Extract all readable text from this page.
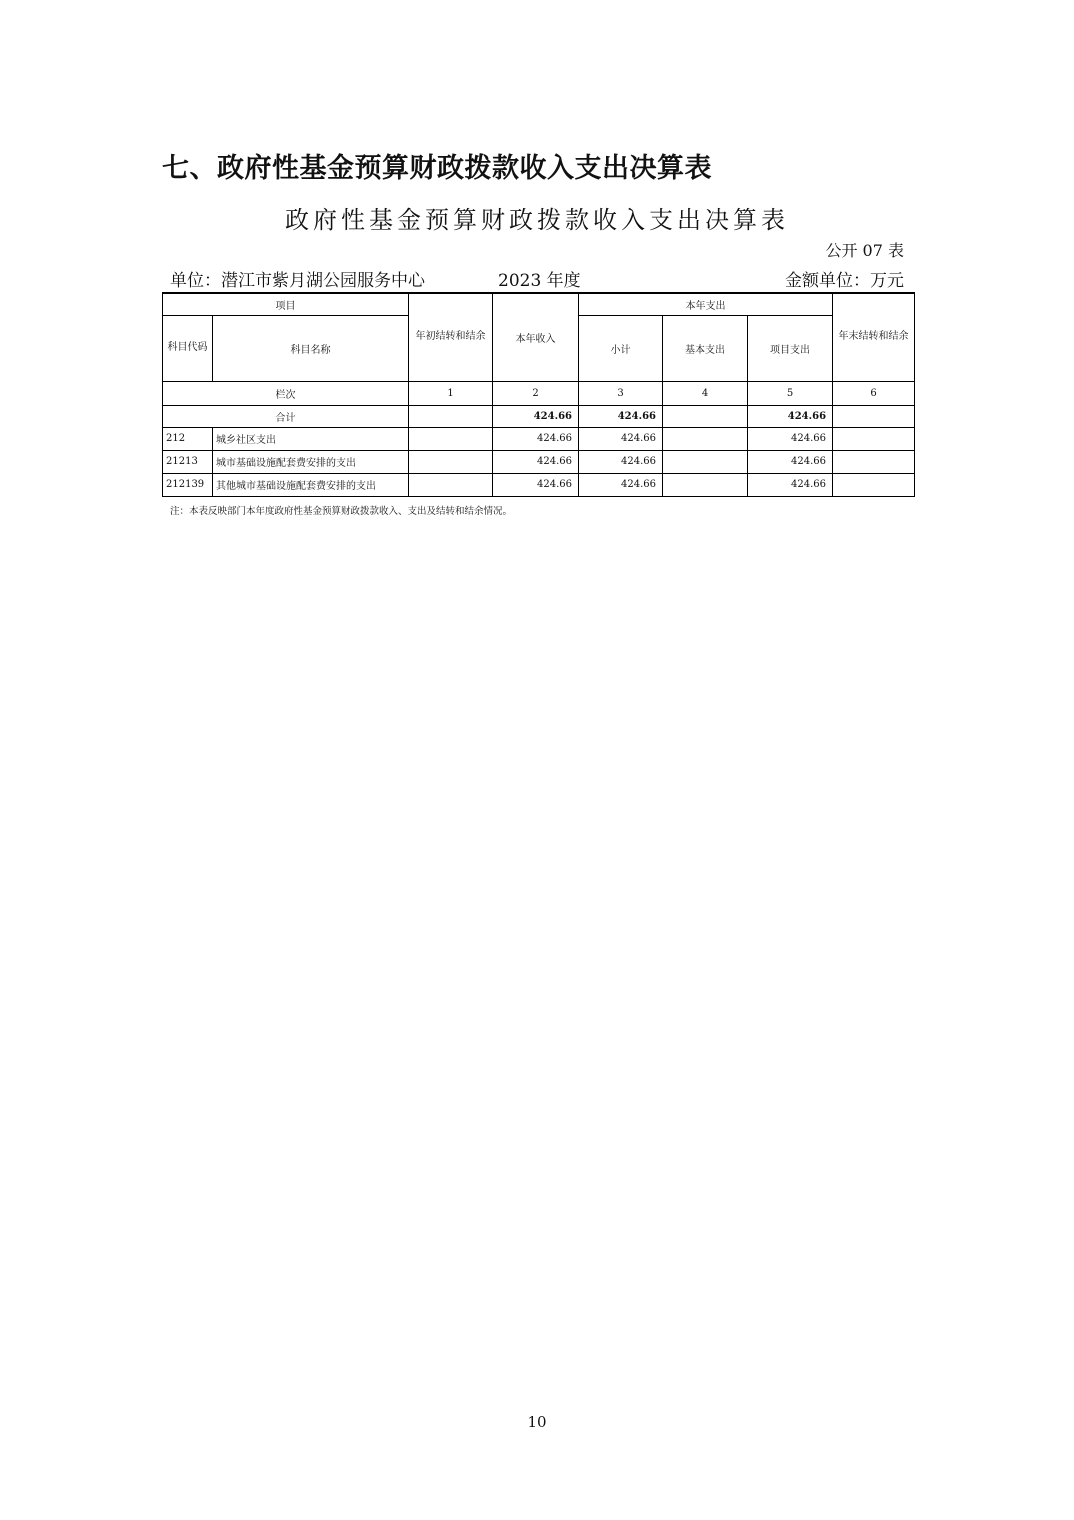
七、政府性基金预算财政拨款收入支出决算表
政府性基金预算财政拨款收入支出决算表
公开 07 表
单位：潜江市紫月湖公园服务中心	2023 年度	金额单位：万元
项目		年初结转和结余	本年收入	本年支出			年末结转和结余
科目代码	科目名称			小计	基本支出	项目支出	
栏次		1	2	3	4	5	6
合计			424.66	424.66		424.66	
212	城乡社区支出		424.66	424.66		424.66	
21213	城市基础设施配套费安排的支出		424.66	424.66		424.66	
212139	其他城市基础设施配套费安排的支出		424.66	424.66		424.66	
注：本表反映部门本年度政府性基金预算财政拨款收入、支出及结转和结余情况。
10
